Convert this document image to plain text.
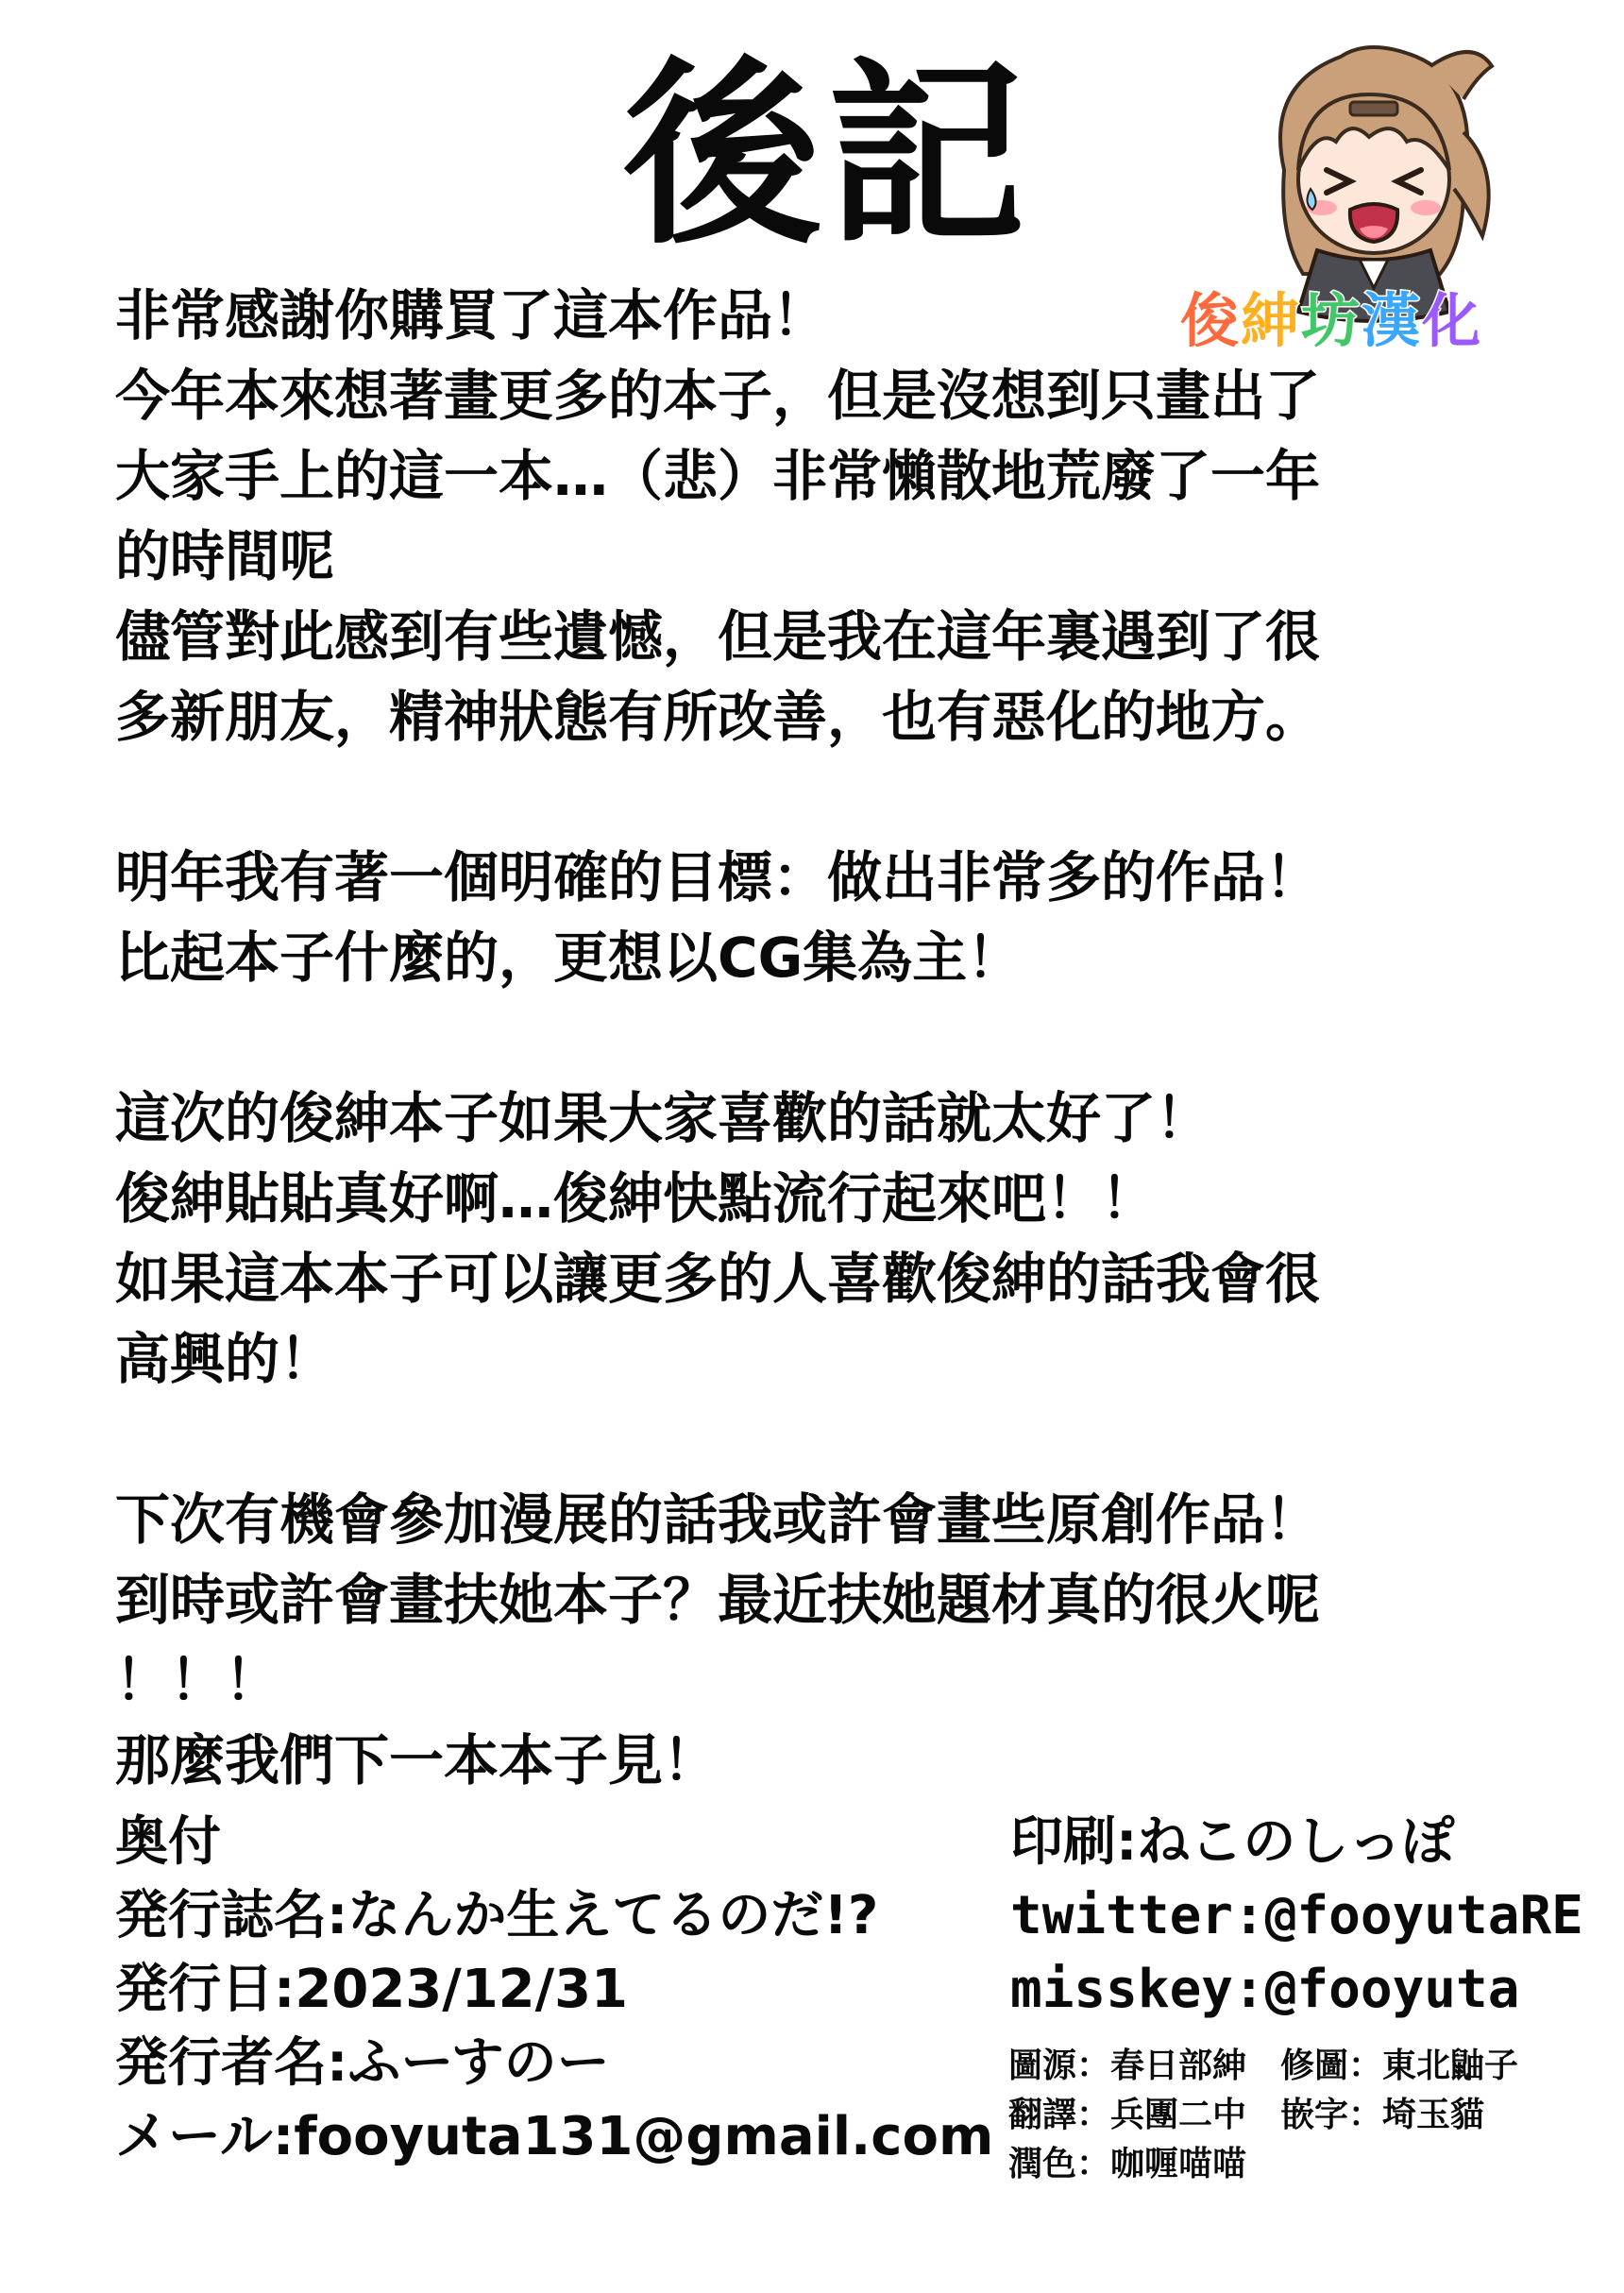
後記
俊紳坊漢化
非常感謝你購買了這本作品！
今年本來想著畫更多的本子，但是沒想到只畫出了
大家手上的這一本…（悲）非常懶散地荒廢了一年
的時間呢
儘管對此感到有些遺憾，但是我在這年裏遇到了很
多新朋友，精神狀態有所改善，也有惡化的地方。
明年我有著一個明確的目標：做出非常多的作品！
比起本子什麼的，更想以CG集為主！
這次的俊紳本子如果大家喜歡的話就太好了！
俊紳貼貼真好啊…俊紳快點流行起來吧！！
如果這本本子可以讓更多的人喜歡俊紳的話我會很
高興的！
下次有機會參加漫展的話我或許會畫些原創作品！
到時或許會畫扶她本子？最近扶她題材真的很火呢
！！！
那麼我們下一本本子見！
奥付
発行誌名:なんか生えてるのだ!?
発行日:2023/12/31
発行者名:ふーすのー
メール:fooyuta131@gmail.com
印刷:ねこのしっぽ
twitter:@fooyutaRE
misskey:@fooyuta
圖源：春日部紳 修圖：東北鼬子
翻譯：兵團二中 嵌字：埼玉貓
潤色：咖喱喵喵
